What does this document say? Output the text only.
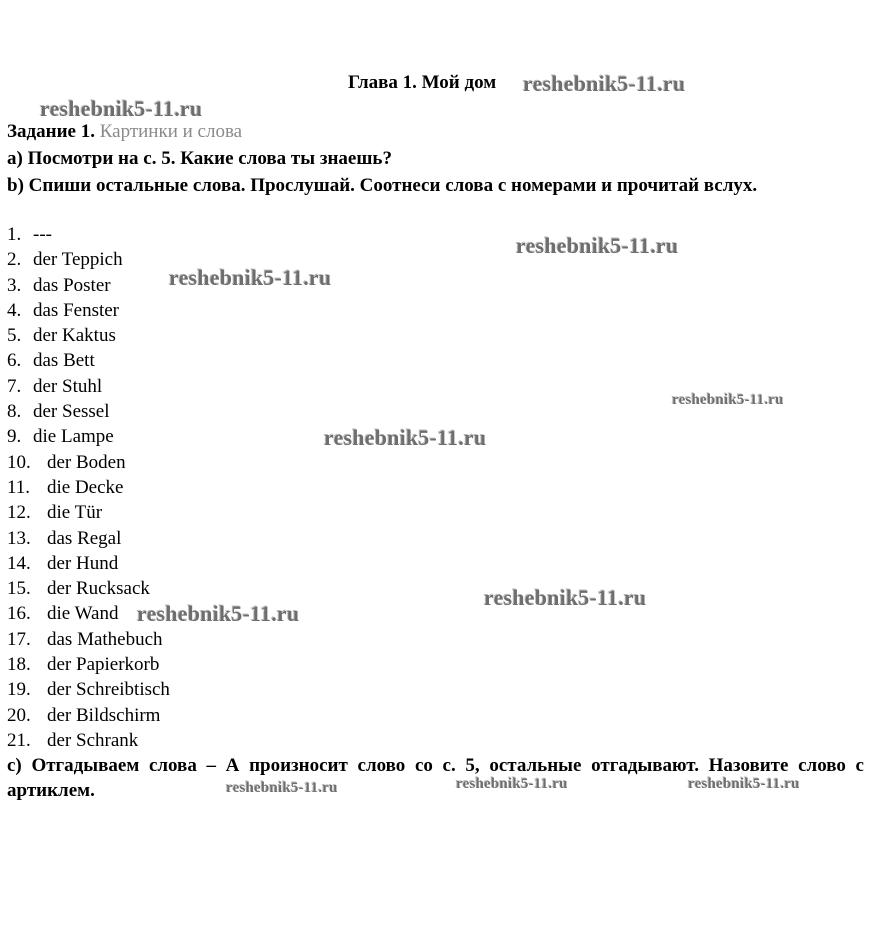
Глава 1. Мой дом
Задание 1. Картинки и слова
а) Посмотри на с. 5. Какие слова ты знаешь?
b) Спиши остальные слова. Прослушай. Соотнеси слова с номерами и прочитай вслух.
1. ---
2. der Teppich
3. das Poster
4. das Fenster
5. der Kaktus
6. das Bett
7. der Stuhl
8. der Sessel
9. die Lampe
10. der Boden
11. die Decke
12. die Tür
13. das Regal
14. der Hund
15. der Rucksack
16. die Wand
17. das Mathebuch
18. der Papierkorb
19. der Schreibtisch
20. der Bildschirm
21. der Schrank
c) Отгадываем слова – А произносит слово со с. 5, остальные отгадывают. Назовите слово с артиклем.
reshebnik5-11.ru
reshebnik5-11.ru
reshebnik5-11.ru
reshebnik5-11.ru
reshebnik5-11.ru
reshebnik5-11.ru
reshebnik5-11.ru
reshebnik5-11.ru
reshebnik5-11.ru	reshebnik5-11.ru	reshebnik5-11.ru
